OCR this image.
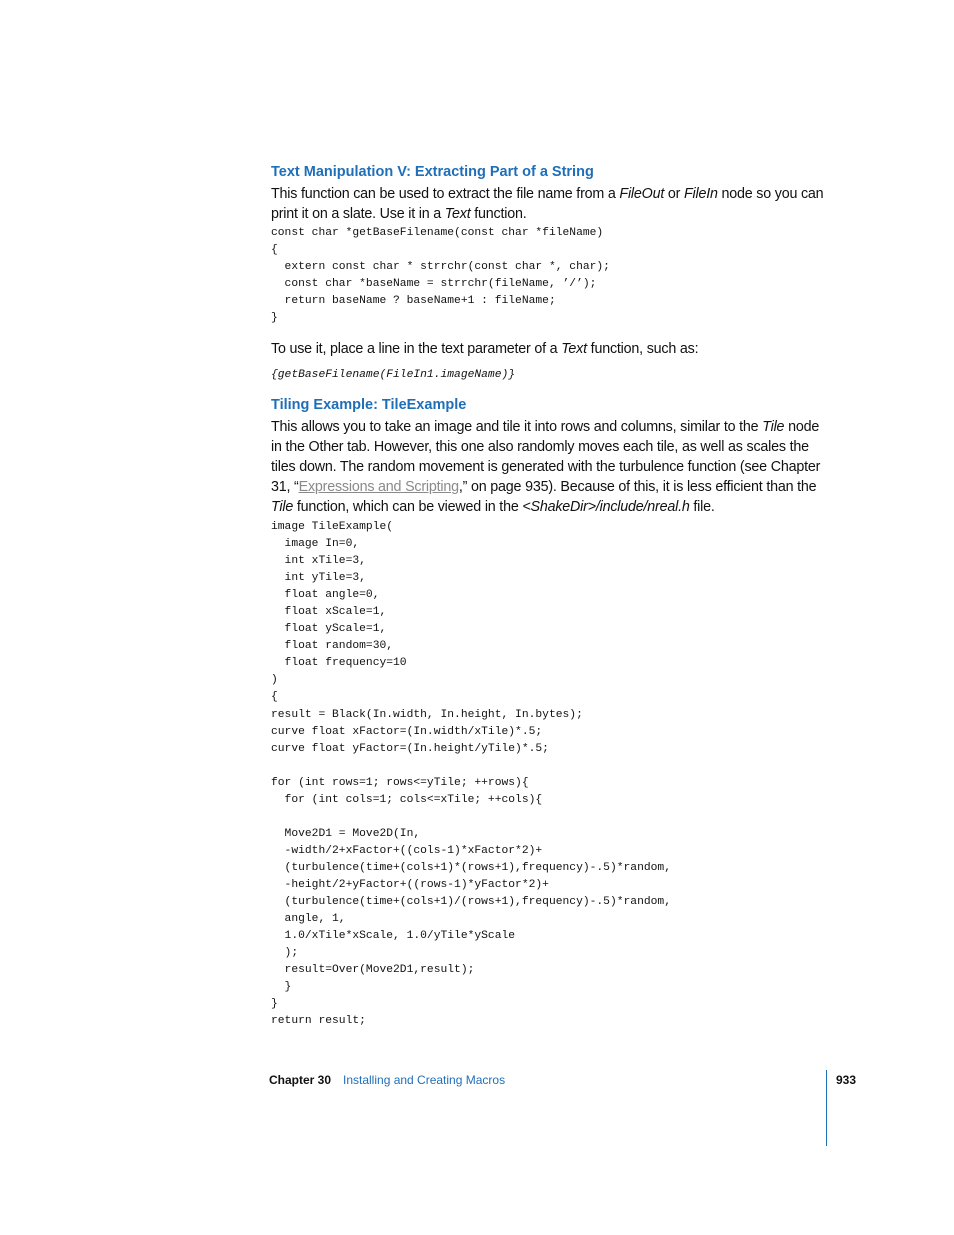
Text Manipulation V: Extracting Part of a String

This function can be used to extract the file name from a FileOut or FileIn node so you can print it on a slate. Use it in a Text function.

const char *getBaseFilename(const char *fileName)
{
extern const char * strrchr(const char *, char);
const char *baseName = strrchr(fileName, ’/’);
return baseName ? baseName+1 : fileName;
}

To use it, place a line in the text parameter of a Text function, such as:

{getBaseFilename(FileIn1.imageName)}
Tiling Example: TileExample

This allows you to take an image and tile it into rows and columns, similar to the Tile node in the Other tab. However, this one also randomly moves each tile, as well as scales the tiles down. The random movement is generated with the turbulence function (see Chapter 31, “Expressions and Scripting,” on page 935). Because of this, it is less efficient than the Tile function, which can be viewed in the <ShakeDir>/include/nreal.h file.

image TileExample(
image In=0,
int xTile=3,
int yTile=3,
float angle=0,
float xScale=1,
float yScale=1,
float random=30,
float frequency=10
)
{
result = Black(In.width, In.height, In.bytes);
curve float xFactor=(In.width/xTile)*.5;
curve float yFactor=(In.height/yTile)*.5;

for (int rows=1; rows<=yTile; ++rows){
for (int cols=1; cols<=xTile; ++cols){

Move2D1 = Move2D(In,
-width/2+xFactor+((cols-1)*xFactor*2)+
(turbulence(time+(cols+1)*(rows+1),frequency)-.5)*random,
-height/2+yFactor+((rows-1)*yFactor*2)+
(turbulence(time+(cols+1)/(rows+1),frequency)-.5)*random,
angle, 1,
1.0/xTile*xScale, 1.0/yTile*yScale
);
result=Over(Move2D1,result);
}
}
return result;
Chapter 30 Installing and Creating Macros	933
